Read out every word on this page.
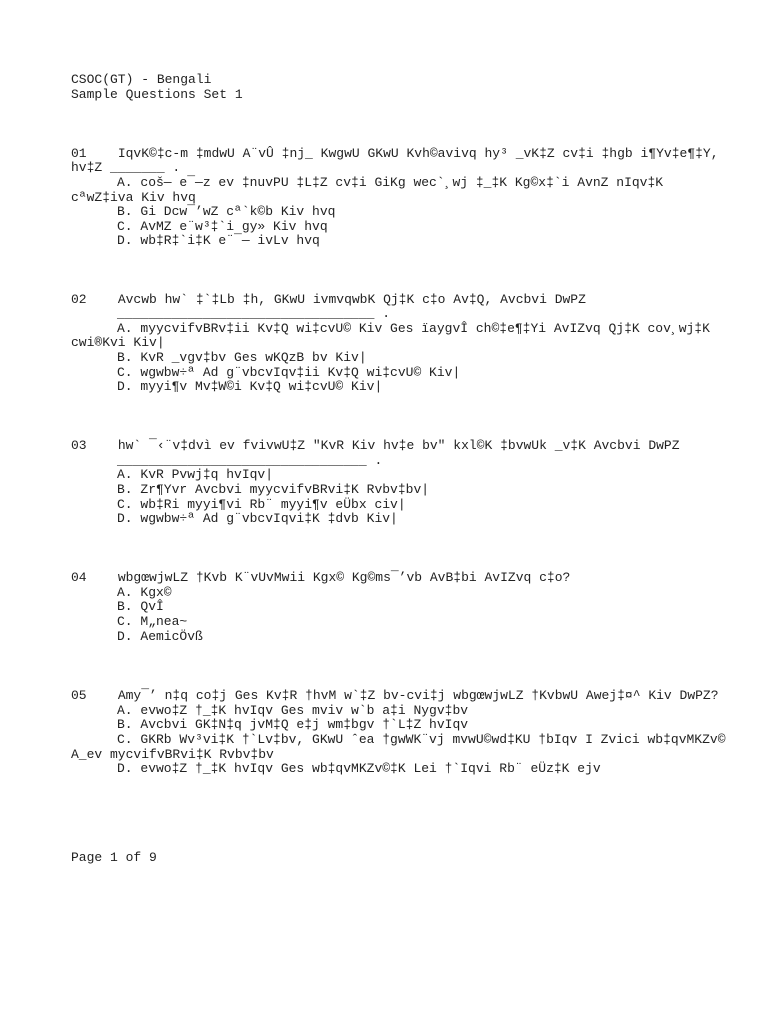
CSOC(GT) - Bengali
Sample Questions Set 1
01 IqvK©‡c-m ‡mdwU A¨vÛ ‡nj_ KwgwU GKwU Kvh©avivq hy³ _vK‡Z cv‡i ‡hgb i¶Yv‡e¶‡Y,
hv‡Z _______ .
A. coš— e¯—z ev ‡nuvPU ‡L‡Z cv‡i GiKg wec`¸wj ‡_‡K Kg©x‡`i AvnZ nIqv‡K
cªwZ‡iva Kiv hvq
B. Gi Dcw¯’wZ cª`k©b Kiv hvq
C. AvMZ e¨w³‡`i gy» Kiv hvq
D. wb‡R‡`i‡K e¨¯— ivLv hvq
02 Avcwb hw` ‡`‡Lb ‡h, GKwU ivmvqwbK Qj‡K c‡o Av‡Q, Avcbvi DwPZ
_________________________________ .
A. myycvifvBRv‡ii Kv‡Q wi‡cvU© Kiv Ges ïaygvÎ ch©‡e¶‡Yi AvIZvq Qj‡K cov¸wj‡K
cwi®Kvi Kiv|
B. KvR _vgv‡bv Ges wKQzB bv Kiv|
C. wgwbw÷ª Ad g¨vbcvIqv‡ii Kv‡Q wi‡cvU© Kiv|
D. myyi¶v Mv‡W©i Kv‡Q wi‡cvU© Kiv|
03 hw` ¯‹¨v‡dvì ev fvivwU‡Z "KvR Kiv hv‡e bv" kxl©K ‡bvwUk _v‡K Avcbvi DwPZ
________________________________ .
A. KvR Pvwj‡q hvIqv|
B. Zr¶Yvr Avcbvi myycvifvBRvi‡K Rvbv‡bv|
C. wb‡Ri myyi¶vi Rb¨ myyi¶v eÜbx civ|
D. wgwbw÷ª Ad g¨vbcvIqvi‡K ‡dvb Kiv|
04 wbgœwjwLZ †Kvb K¨vUvMwii Kgx© Kg©ms¯’vb AvB‡bi AvIZvq c‡o?
A. Kgx©
B. QvÎ
C. M„nea~
D. AemicÖvß
05 Amy¯’ n‡q co‡j Ges Kv‡R †hvM w`‡Z bv-cvi‡j wbgœwjwLZ †KvbwU Awej‡¤^ Kiv DwPZ?
A. evwo‡Z †_‡K hvIqv Ges mviv w`b a‡i Nygv‡bv
B. Avcbvi GK‡N‡q jvM‡Q e‡j wm‡bgv †`L‡Z hvIqv
C. GKRb Wv³vi‡K †`Lv‡bv, GKwU ˆea †gwWK¨vj mvwU©wd‡KU †bIqv I Zvici wb‡qvMKZv©
A_ev mycvifvBRvi‡K Rvbv‡bv
D. evwo‡Z †_‡K hvIqv Ges wb‡qvMKZv©‡K Lei †`Iqvi Rb¨ eÜz‡K ejv
Page 1 of 9
